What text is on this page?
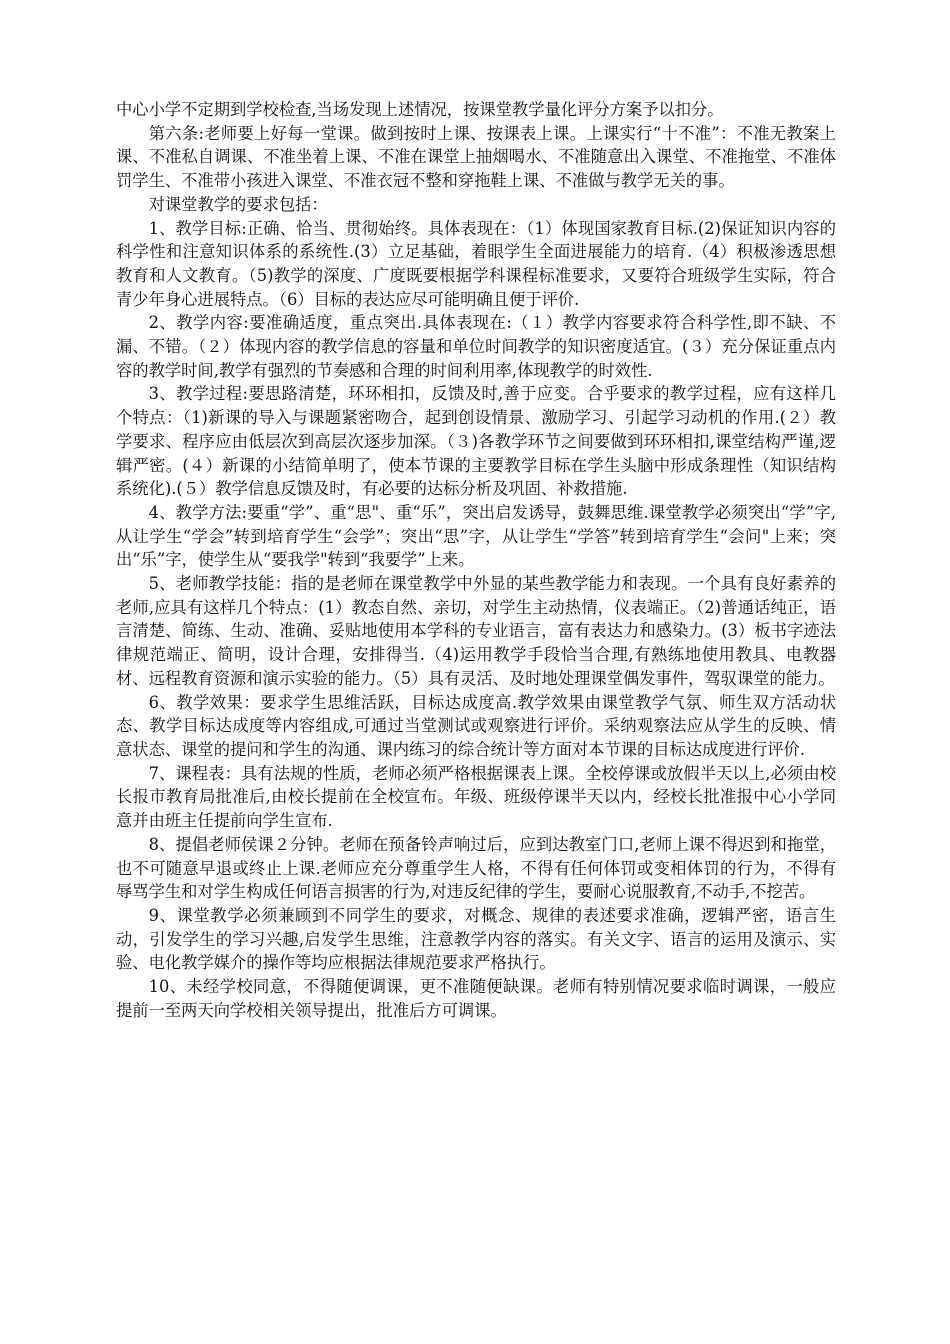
中心小学不定期到学校检查,当场发现上述情况，按课堂教学量化评分方案予以扣分。

第六条:老师要上好每一堂课。做到按时上课、按课表上课。上课实行“十不准”：不准无教案上课、不准私自调课、不准坐着上课、不准在课堂上抽烟喝水、不准随意出入课堂、不准拖堂、不准体罚学生、不准带小孩进入课堂、不准衣冠不整和穿拖鞋上课、不准做与教学无关的事。

对课堂教学的要求包括：

1、教学目标:正确、恰当、贯彻始终。具体表现在：（1）体现国家教育目标.(2)保证知识内容的科学性和注意知识体系的系统性.(3）立足基础，着眼学生全面进展能力的培育.（4）积极渗透思想教育和人文教育。（5)教学的深度、广度既要根据学科课程标准要求，又要符合班级学生实际，符合青少年身心进展特点。（6）目标的表达应尽可能明确且便于评价.

2、教学内容:要准确适度，重点突出.具体表现在:（１）教学内容要求符合科学性,即不缺、不漏、不错。（２）体现内容的教学信息的容量和单位时间教学的知识密度适宜。(３）充分保证重点内容的教学时间,教学有强烈的节奏感和合理的时间利用率,体现教学的时效性.

3、教学过程:要思路清楚，环环相扣，反馈及时,善于应变。合乎要求的教学过程，应有这样几个特点：（1)新课的导入与课题紧密吻合，起到创设情景、激励学习、引起学习动机的作用.(２）教学要求、程序应由低层次到高层次逐步加深。（３)各教学环节之间要做到环环相扣,课堂结构严谨,逻辑严密。(４）新课的小结简单明了，使本节课的主要教学目标在学生头脑中形成条理性（知识结构系统化).(５）教学信息反馈及时，有必要的达标分析及巩固、补救措施.

4、教学方法:要重“学”、重“思"、重“乐”，突出启发诱导，鼓舞思维.课堂教学必须突出“学”字,从让学生“学会”转到培育学生“会学”；突出“思”字，从让学生“学答”转到培育学生“会问"上来；突出“乐”字，使学生从“要我学"转到“我要学”上来。

5、老师教学技能：指的是老师在课堂教学中外显的某些教学能力和表现。一个具有良好素养的老师,应具有这样几个特点：(1）教态自然、亲切，对学生主动热情，仪表端正。（2)普通话纯正，语言清楚、简练、生动、准确、妥贴地使用本学科的专业语言，富有表达力和感染力。(3）板书字迹法律规范端正、简明，设计合理，安排得当.（4)运用教学手段恰当合理,有熟练地使用教具、电教器材、远程教育资源和演示实验的能力。（5）具有灵活、及时地处理课堂偶发事件，驾驭课堂的能力。

6、教学效果：要求学生思维活跃，目标达成度高.教学效果由课堂教学气氛、师生双方活动状态、教学目标达成度等内容组成,可通过当堂测试或观察进行评价。采纳观察法应从学生的反映、情意状态、课堂的提问和学生的沟通、课内练习的综合统计等方面对本节课的目标达成度进行评价.

7、课程表：具有法规的性质，老师必须严格根据课表上课。全校停课或放假半天以上,必须由校长报市教育局批准后,由校长提前在全校宣布。年级、班级停课半天以内，经校长批准报中心小学同意并由班主任提前向学生宣布.

8、提倡老师侯课２分钟。老师在预备铃声响过后，应到达教室门口,老师上课不得迟到和拖堂，也不可随意早退或终止上课.老师应充分尊重学生人格，不得有任何体罚或变相体罚的行为，不得有辱骂学生和对学生构成任何语言损害的行为,对违反纪律的学生，要耐心说服教育,不动手,不挖苦。

9、课堂教学必须兼顾到不同学生的要求，对概念、规律的表述要求准确，逻辑严密，语言生动，引发学生的学习兴趣,启发学生思维，注意教学内容的落实。有关文字、语言的运用及演示、实验、电化教学媒介的操作等均应根据法律规范要求严格执行。

10、未经学校同意，不得随便调课，更不准随便缺课。老师有特别情况要求临时调课，一般应提前一至两天向学校相关领导提出，批准后方可调课。
